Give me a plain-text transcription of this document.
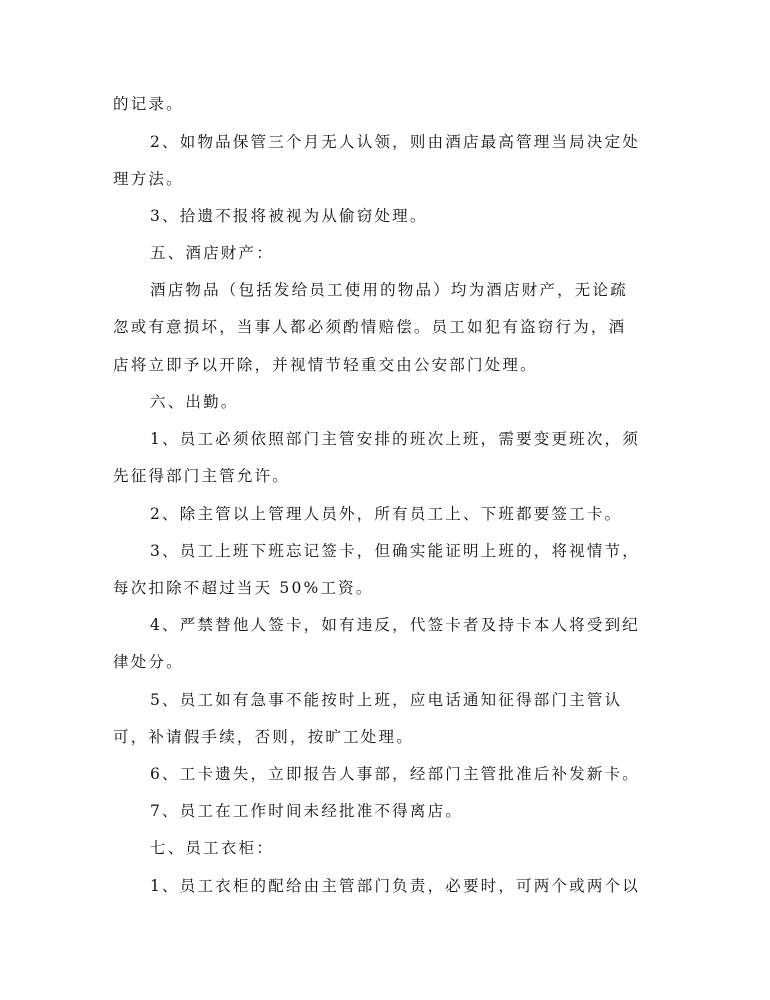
的记录。
2、如物品保管三个月无人认领，则由酒店最高管理当局决定处
理方法。
3、拾遗不报将被视为从偷窃处理。
五、酒店财产：
酒店物品（包括发给员工使用的物品）均为酒店财产，无论疏
忽或有意损坏，当事人都必须酌情赔偿。员工如犯有盗窃行为，酒
店将立即予以开除，并视情节轻重交由公安部门处理。
六、出勤。
1、员工必须依照部门主管安排的班次上班，需要变更班次，须
先征得部门主管允许。
2、除主管以上管理人员外，所有员工上、下班都要签工卡。
3、员工上班下班忘记签卡，但确实能证明上班的，将视情节，
每次扣除不超过当天 50%工资。
4、严禁替他人签卡，如有违反，代签卡者及持卡本人将受到纪
律处分。
5、员工如有急事不能按时上班，应电话通知征得部门主管认
可，补请假手续，否则，按旷工处理。
6、工卡遗失，立即报告人事部，经部门主管批准后补发新卡。
7、员工在工作时间未经批准不得离店。
七、员工衣柜：
1、员工衣柜的配给由主管部门负责，必要时，可两个或两个以
